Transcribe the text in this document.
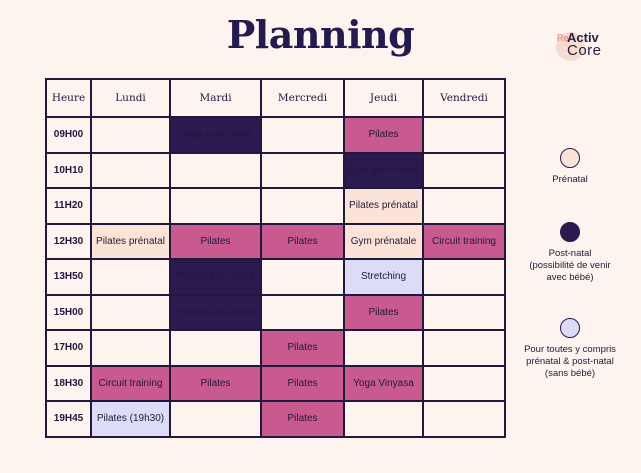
Planning	Re
Activ
Core
Heure	Lundi	Mardi	Mercredi	Jeudi	Vendredi
09H00		Yoga post-natal		Pilates	
10H10				Gym post-natale	
11H20				Pilates prénatal	
12H30	Pilates prénatal	Pilates	Pilates	Gym prénatale	Circuit training
13H50		Pilates post-natal		Stretching	
15H00		Pilates post-natal		Pilates	
17H00			Pilates		
18H30	Circuit training	Pilates	Pilates	Yoga Vinyasa	
19H45	Pilates (19h30)		Pilates		
Prénatal
Post-natal
(possibilité de venir
avec bébé)
Pour toutes y compris
prénatal & post-natal
(sans bébé)
